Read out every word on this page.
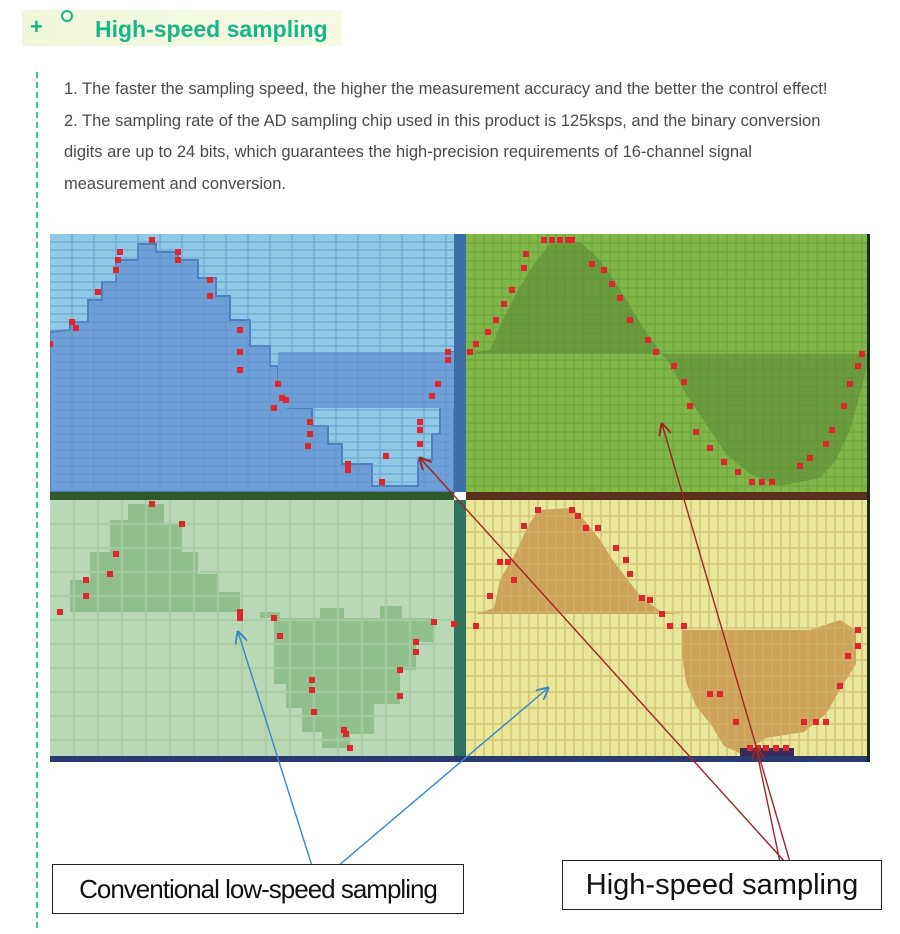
+ High-speed sampling

1. The faster the sampling speed, the higher the measurement accuracy and the better the control effect!

2. The sampling rate of the AD sampling chip used in this product is 125ksps, and the binary conversion digits are up to 24 bits, which guarantees the high-precision requirements of 16-channel signal measurement and conversion.

Conventional low-speed sampling	High-speed sampling
